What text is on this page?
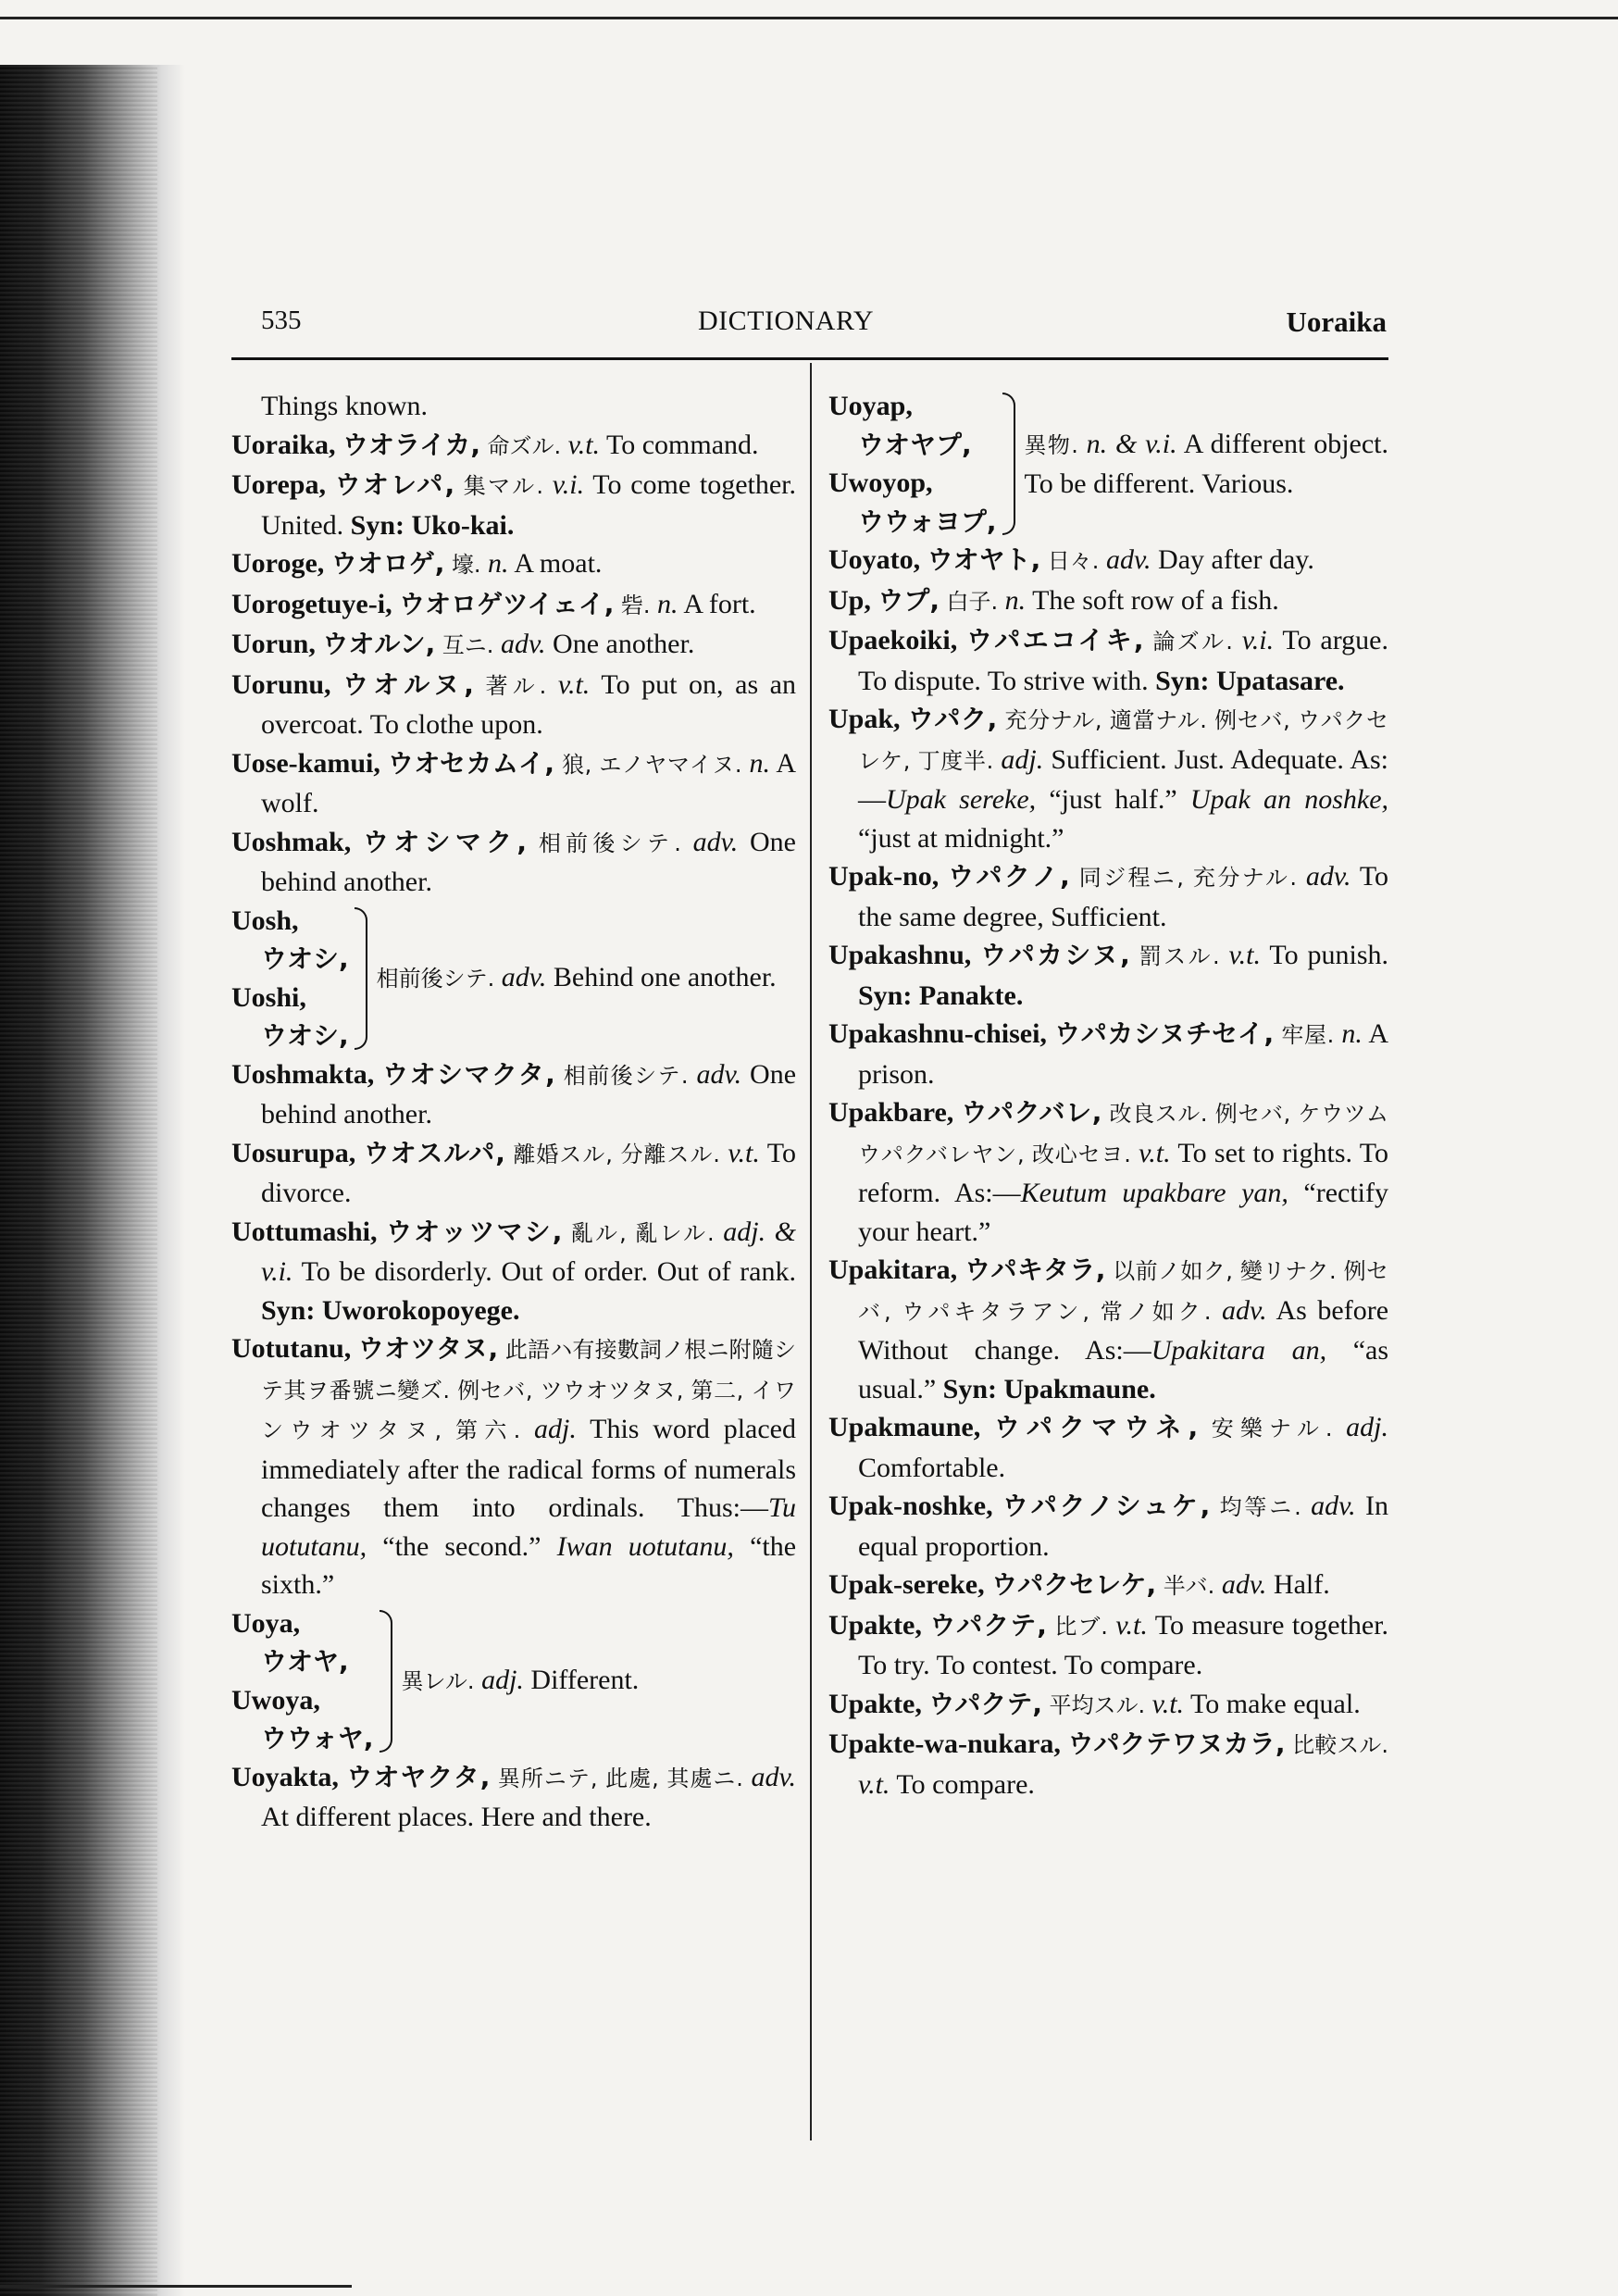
535	DICTIONARY	Uoraika

Things known.

Uoraika, ウオライカ, 命ズル. v.t. To command.

Uorepa, ウオレパ, 集マル. v.i. To come together. United. Syn: Uko-kai.

Uoroge, ウオロゲ, 壕. n. A moat.

Uorogetuye-i, ウオロゲツイェイ, 砦. n. A fort.

Uorun, ウオルン, 互ニ. adv. One another.

Uorunu, ウオルヌ, 著ル. v.t. To put on, as an overcoat. To clothe upon.

Uose-kamui, ウオセカムイ, 狼, エノヤマイヌ. n. A wolf.

Uoshmak, ウオシマク, 相前後シテ. adv. One behind another.

Uosh,
ウオシ,
Uoshi,
ウオシ,
相前後シテ. adv. Behind one another.

Uoshmakta, ウオシマクタ, 相前後シテ. adv. One behind another.

Uosurupa, ウオスルパ, 離婚スル, 分離スル. v.t. To divorce.

Uottumashi, ウオッツマシ, 亂ル, 亂レル. adj. & v.i. To be disorderly. Out of order. Out of rank. Syn: Uworokopoyege.

Uotutanu, ウオツタヌ, 此語ハ有接數詞ノ根ニ附隨シテ其ヲ番號ニ變ズ. 例セバ, ツウオツタヌ, 第二, イワンウオツタヌ, 第六. adj. This word placed immediately after the radical forms of numerals changes them into ordinals. Thus:—Tu uotutanu, “the second.” Iwan uotutanu, “the sixth.”

Uoya,
ウオヤ,
Uwoya,
ウウォヤ,
異レル. adj. Different.

Uoyakta, ウオヤクタ, 異所ニテ, 此處, 其處ニ. adv. At different places. Here and there.

Uoyap,
ウオヤプ,
Uwoyop,
ウウォヨプ,
異物. n. & v.i. A different object. To be different. Various.

Uoyato, ウオヤト, 日々. adv. Day after day.

Up, ウプ, 白子. n. The soft row of a fish.

Upaekoiki, ウパエコイキ, 論ズル. v.i. To argue. To dispute. To strive with. Syn: Upatasare.

Upak, ウパク, 充分ナル, 適當ナル. 例セバ, ウパクセレケ, 丁度半. adj. Sufficient. Just. Adequate. As:—Upak sereke, “just half.” Upak an noshke, “just at midnight.”

Upak-no, ウパクノ, 同ジ程ニ, 充分ナル. adv. To the same degree, Sufficient.

Upakashnu, ウパカシヌ, 罰スル. v.t. To punish. Syn: Panakte.

Upakashnu-chisei, ウパカシヌチセイ, 牢屋. n. A prison.

Upakbare, ウパクバレ, 改良スル. 例セバ, ケウツムウパクバレヤン, 改心セヨ. v.t. To set to rights. To reform. As:—Keutum upakbare yan, “rectify your heart.”

Upakitara, ウパキタラ, 以前ノ如ク, 變リナク. 例セバ, ウパキタラアン, 常ノ如ク. adv. As before Without change. As:—Upakitara an, “as usual.” Syn: Upakmaune.

Upakmaune, ウパクマウネ, 安樂ナル. adj. Comfortable.

Upak-noshke, ウパクノシュケ, 均等ニ. adv. In equal proportion.

Upak-sereke, ウパクセレケ, 半バ. adv. Half.

Upakte, ウパクテ, 比ブ. v.t. To measure together. To try. To contest. To compare.

Upakte, ウパクテ, 平均スル. v.t. To make equal.

Upakte-wa-nukara, ウパクテワヌカラ, 比較スル. v.t. To compare.
